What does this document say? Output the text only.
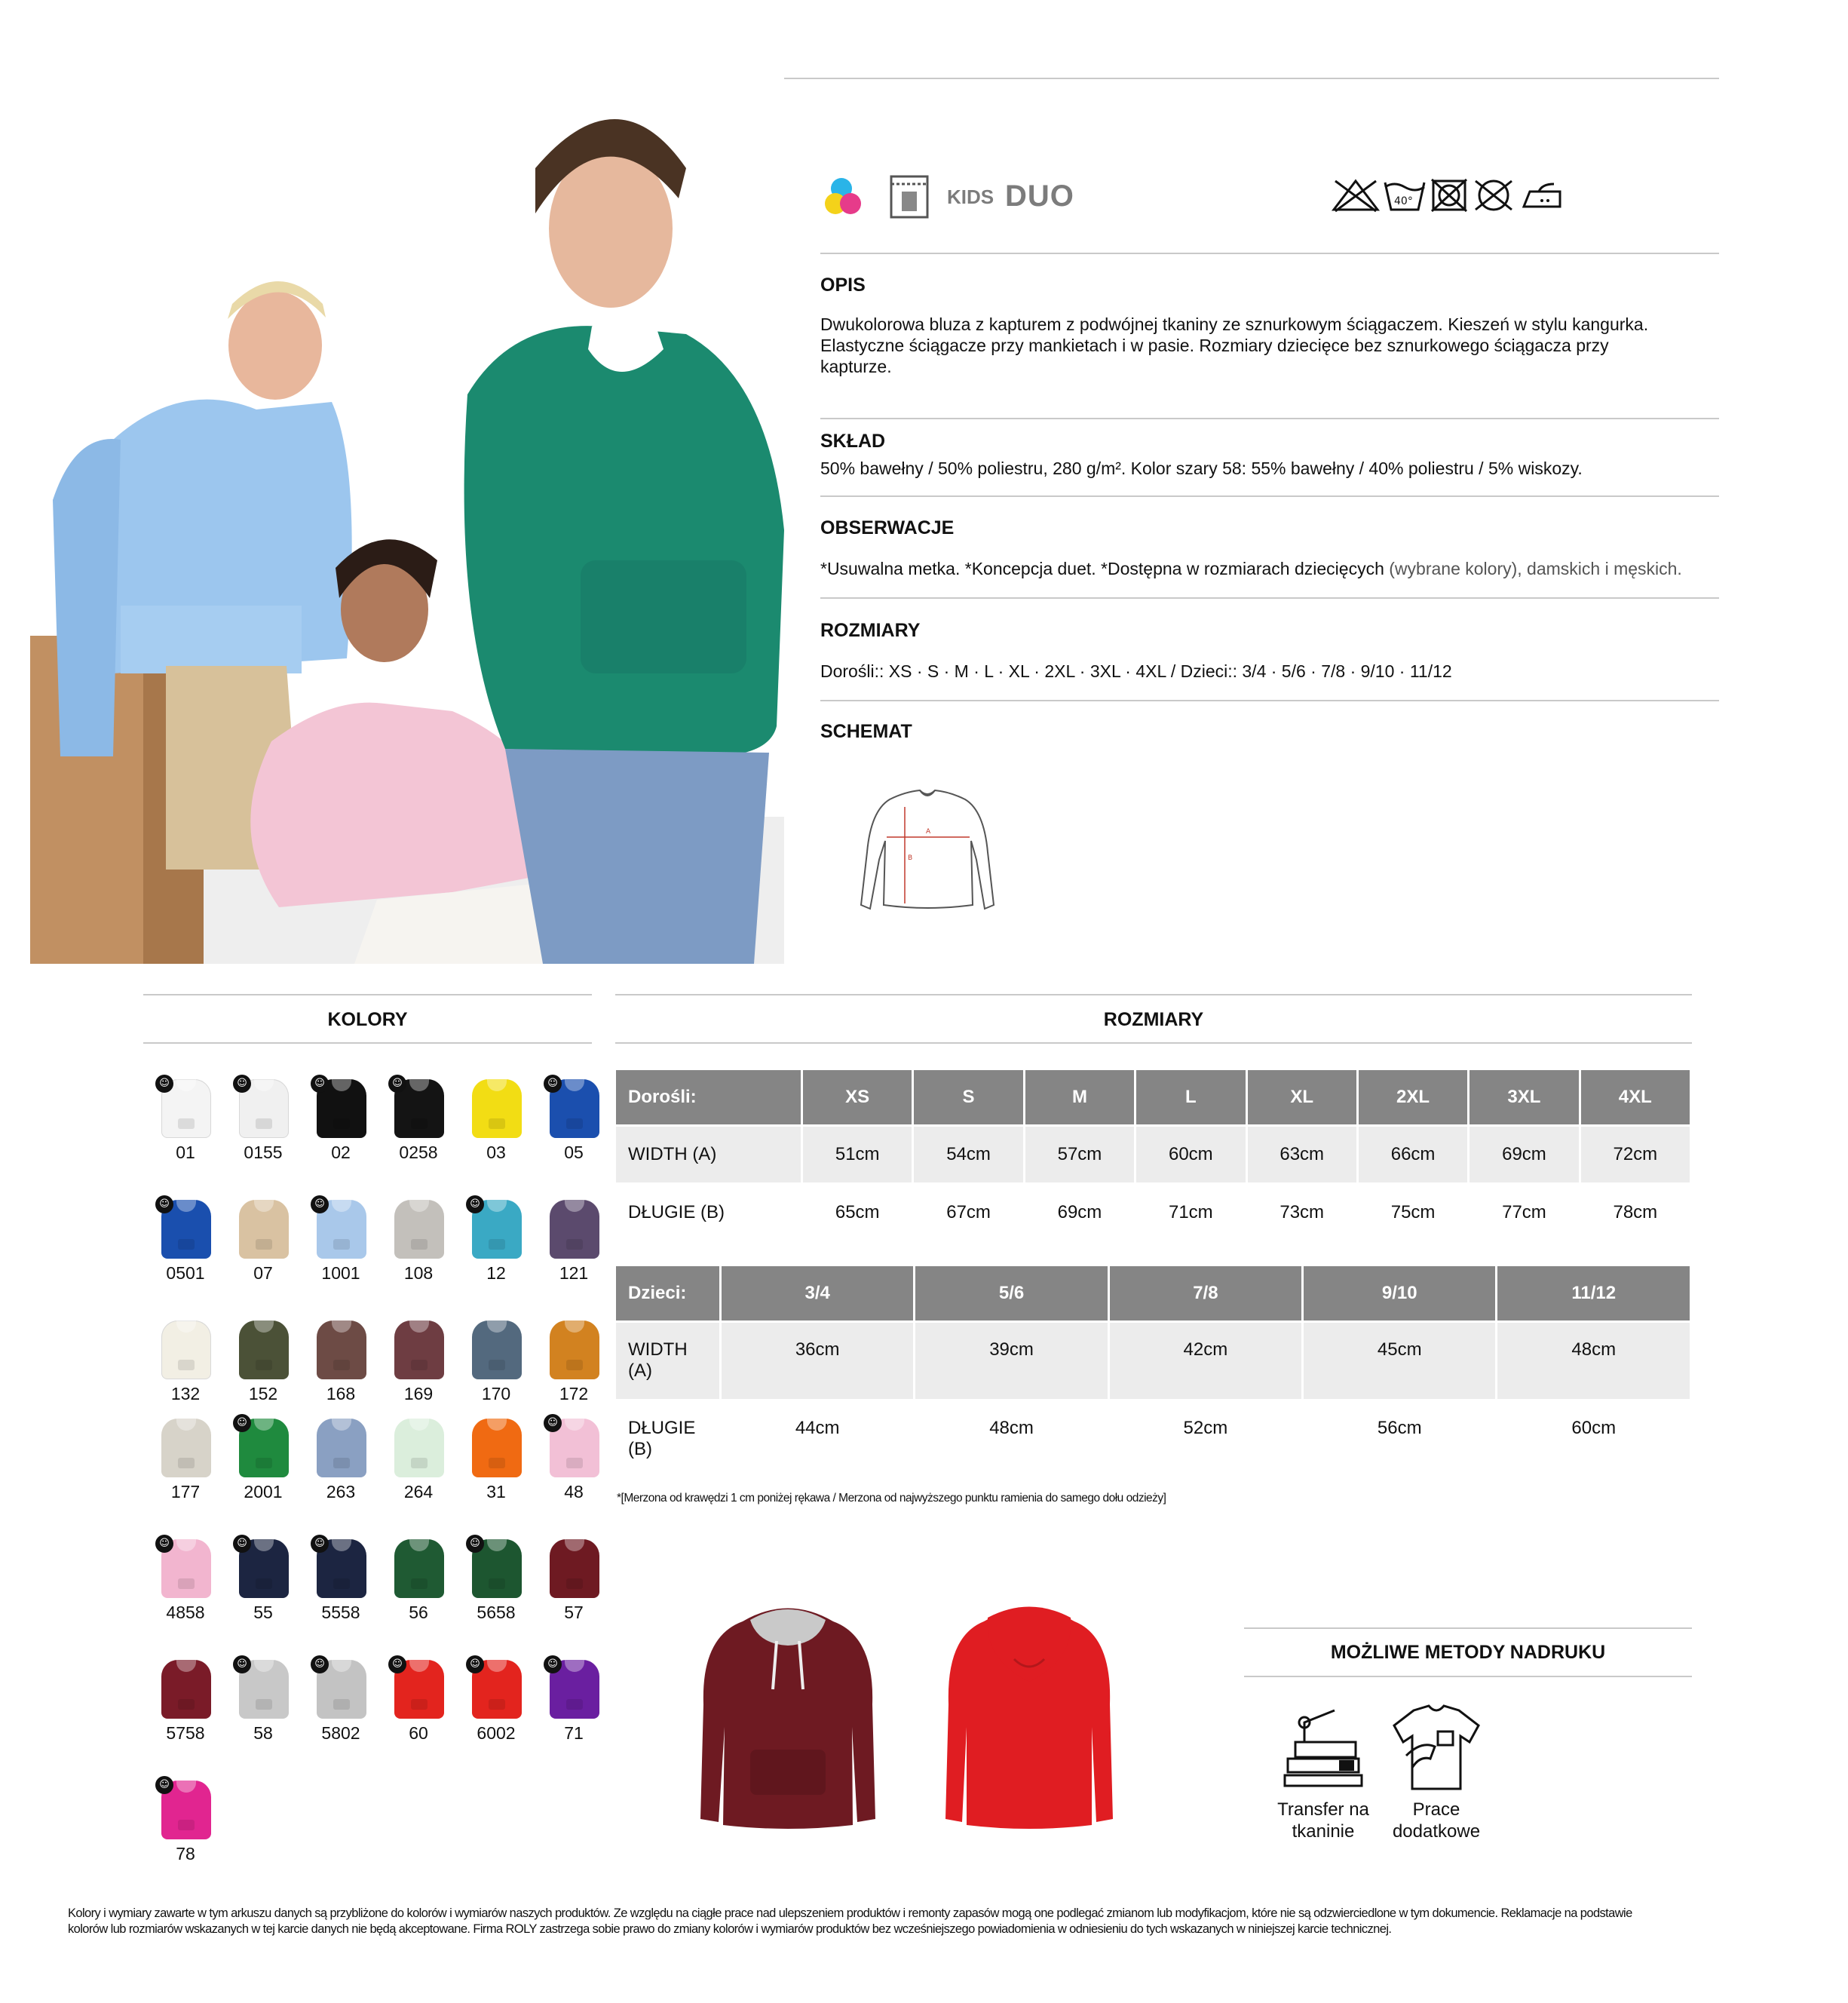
KIDS DUO	40°
OPIS
Dwukolorowa bluza z kapturem z podwójnej tkaniny ze sznurkowym ściągaczem. Kieszeń w stylu kangurka.
Elastyczne ściągacze przy mankietach i w pasie. Rozmiary dziecięce bez sznurkowego ściągacza przy
kapturze.
SKŁAD
50% bawełny / 50% poliestru, 280 g/m². Kolor szary 58: 55% bawełny / 40% poliestru / 5% wiskozy.
OBSERWACJE
*Usuwalna metka. *Koncepcja duet. *Dostępna w rozmiarach dziecięcych (wybrane kolory), damskich i męskich.
ROZMIARY
Dorośli:: XS · S · M · L · XL · 2XL · 3XL · 4XL / Dzieci:: 3/4 · 5/6 · 7/8 · 9/10 · 11/12
SCHEMAT
A
B
KOLORY
☺
01
☺
0155
☺
02
☺
0258	03
☺
05
☺
0501	07
☺
1001	108
☺
12	121
132	152	168	169	170	172
177
☺
2001	263	264	31
☺
48
☺
4858
☺
55
☺
5558	56
☺
5658	57
5758
☺
58
☺
5802
☺
60
☺
6002
☺
71
☺
78
ROZMIARY
Dorośli:	XS	S	M	L	XL	2XL	3XL	4XL
WIDTH (A)	51cm	54cm	57cm	60cm	63cm	66cm	69cm	72cm
DŁUGIE (B)	65cm	67cm	69cm	71cm	73cm	75cm	77cm	78cm
Dzieci:	3/4	5/6	7/8	9/10	11/12
WIDTH
(A)	36cm	39cm	42cm	45cm	48cm
DŁUGIE
(B)	44cm	48cm	52cm	56cm	60cm
*[Merzona od krawędzi 1 cm poniżej rękawa / Merzona od najwyższego punktu ramienia do samego dołu odzieży]
MOŻLIWE METODY NADRUKU
Transfer na
tkaninie
Prace
dodatkowe
Kolory i wymiary zawarte w tym arkuszu danych są przybliżone do kolorów i wymiarów naszych produktów. Ze względu na ciągłe prace nad ulepszeniem produktów i remonty zapasów mogą one podlegać zmianom lub modyfikacjom, które nie są odzwierciedlone w tym dokumencie. Reklamacje na podstawie
kolorów lub rozmiarów wskazanych w tej karcie danych nie będą akceptowane. Firma ROLY zastrzega sobie prawo do zmiany kolorów i wymiarów produktów bez wcześniejszego powiadomienia w odniesieniu do tych wskazanych w niniejszej karcie technicznej.
